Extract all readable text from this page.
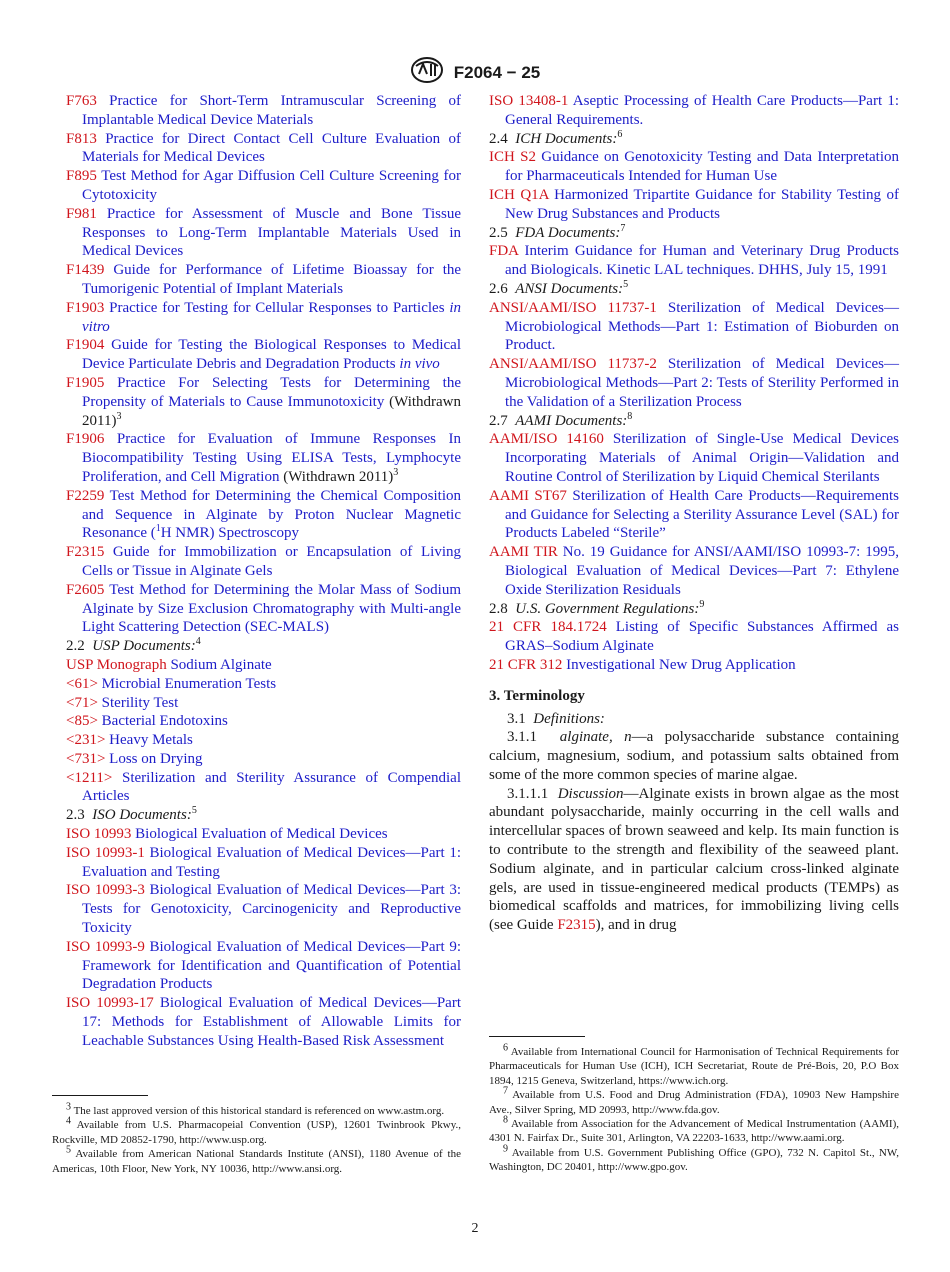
F2064 − 25

F763 Practice for Short-Term Intramuscular Screening of Implantable Medical Device Materials

F813 Practice for Direct Contact Cell Culture Evaluation of Materials for Medical Devices

F895 Test Method for Agar Diffusion Cell Culture Screening for Cytotoxicity

F981 Practice for Assessment of Muscle and Bone Tissue Responses to Long-Term Implantable Materials Used in Medical Devices

F1439 Guide for Performance of Lifetime Bioassay for the Tumorigenic Potential of Implant Materials

F1903 Practice for Testing for Cellular Responses to Particles in vitro

F1904 Guide for Testing the Biological Responses to Medical Device Particulate Debris and Degradation Products in vivo

F1905 Practice For Selecting Tests for Determining the Propensity of Materials to Cause Immunotoxicity (Withdrawn 2011)$^3$

F1906 Practice for Evaluation of Immune Responses In Biocompatibility Testing Using ELISA Tests, Lymphocyte Proliferation, and Cell Migration (Withdrawn 2011)$^3$

F2259 Test Method for Determining the Chemical Composition and Sequence in Alginate by Proton Nuclear Magnetic Resonance ($^1$H NMR) Spectroscopy

F2315 Guide for Immobilization or Encapsulation of Living Cells or Tissue in Alginate Gels

F2605 Test Method for Determining the Molar Mass of Sodium Alginate by Size Exclusion Chromatography with Multi-angle Light Scattering Detection (SEC-MALS)

2.2 USP Documents:$^4$

USP Monograph Sodium Alginate

<61> Microbial Enumeration Tests

<71> Sterility Test

<85> Bacterial Endotoxins

<231> Heavy Metals

<731> Loss on Drying

<1211> Sterilization and Sterility Assurance of Compendial Articles

2.3 ISO Documents:$^5$

ISO 10993 Biological Evaluation of Medical Devices

ISO 10993-1 Biological Evaluation of Medical Devices—Part 1: Evaluation and Testing

ISO 10993-3 Biological Evaluation of Medical Devices—Part 3: Tests for Genotoxicity, Carcinogenicity and Reproductive Toxicity

ISO 10993-9 Biological Evaluation of Medical Devices—Part 9: Framework for Identification and Quantification of Potential Degradation Products

ISO 10993-17 Biological Evaluation of Medical Devices—Part 17: Methods for Establishment of Allowable Limits for Leachable Substances Using Health-Based Risk Assessment

ISO 13408-1 Aseptic Processing of Health Care Products—Part 1: General Requirements.

2.4 ICH Documents:$^6$

ICH S2 Guidance on Genotoxicity Testing and Data Interpretation for Pharmaceuticals Intended for Human Use

ICH Q1A Harmonized Tripartite Guidance for Stability Testing of New Drug Substances and Products

2.5 FDA Documents:$^7$

FDA Interim Guidance for Human and Veterinary Drug Products and Biologicals. Kinetic LAL techniques. DHHS, July 15, 1991

2.6 ANSI Documents:$^5$

ANSI/AAMI/ISO 11737-1 Sterilization of Medical Devices—Microbiological Methods—Part 1: Estimation of Bioburden on Product.

ANSI/AAMI/ISO 11737-2 Sterilization of Medical Devices—Microbiological Methods—Part 2: Tests of Sterility Performed in the Validation of a Sterilization Process

2.7 AAMI Documents:$^8$

AAMI/ISO 14160 Sterilization of Single-Use Medical Devices Incorporating Materials of Animal Origin—Validation and Routine Control of Sterilization by Liquid Chemical Sterilants

AAMI ST67 Sterilization of Health Care Products—Requirements and Guidance for Selecting a Sterility Assurance Level (SAL) for Products Labeled “Sterile”

AAMI TIR No. 19 Guidance for ANSI/AAMI/ISO 10993-7: 1995, Biological Evaluation of Medical Devices—Part 7: Ethylene Oxide Sterilization Residuals

2.8 U.S. Government Regulations:$^9$

21 CFR 184.1724 Listing of Specific Substances Affirmed as GRAS–Sodium Alginate

21 CFR 312 Investigational New Drug Application

3. Terminology

3.1 Definitions:

3.1.1 alginate, n—a polysaccharide substance containing calcium, magnesium, sodium, and potassium salts obtained from some of the more common species of marine algae.

3.1.1.1 Discussion—Alginate exists in brown algae as the most abundant polysaccharide, mainly occurring in the cell walls and intercellular spaces of brown seaweed and kelp. Its main function is to contribute to the strength and flexibility of the seaweed plant. Sodium alginate, and in particular calcium cross-linked alginate gels, are used in tissue-engineered medical products (TEMPs) as biomedical scaffolds and matrices, for immobilizing living cells (see Guide F2315), and in drug

$^3$ The last approved version of this historical standard is referenced on www.astm.org.

$^4$ Available from U.S. Pharmacopeial Convention (USP), 12601 Twinbrook Pkwy., Rockville, MD 20852-1790, http://www.usp.org.

$^5$ Available from American National Standards Institute (ANSI), 1180 Avenue of the Americas, 10th Floor, New York, NY 10036, http://www.ansi.org.

$^6$ Available from International Council for Harmonisation of Technical Requirements for Pharmaceuticals for Human Use (ICH), ICH Secretariat, Route de Pré-Bois, 20, P.O Box 1894, 1215 Geneva, Switzerland, https://www.ich.org.

$^7$ Available from U.S. Food and Drug Administration (FDA), 10903 New Hampshire Ave., Silver Spring, MD 20993, http://www.fda.gov.

$^8$ Available from Association for the Advancement of Medical Instrumentation (AAMI), 4301 N. Fairfax Dr., Suite 301, Arlington, VA 22203-1633, http://www.aami.org.

$^9$ Available from U.S. Government Publishing Office (GPO), 732 N. Capitol St., NW, Washington, DC 20401, http://www.gpo.gov.

2
